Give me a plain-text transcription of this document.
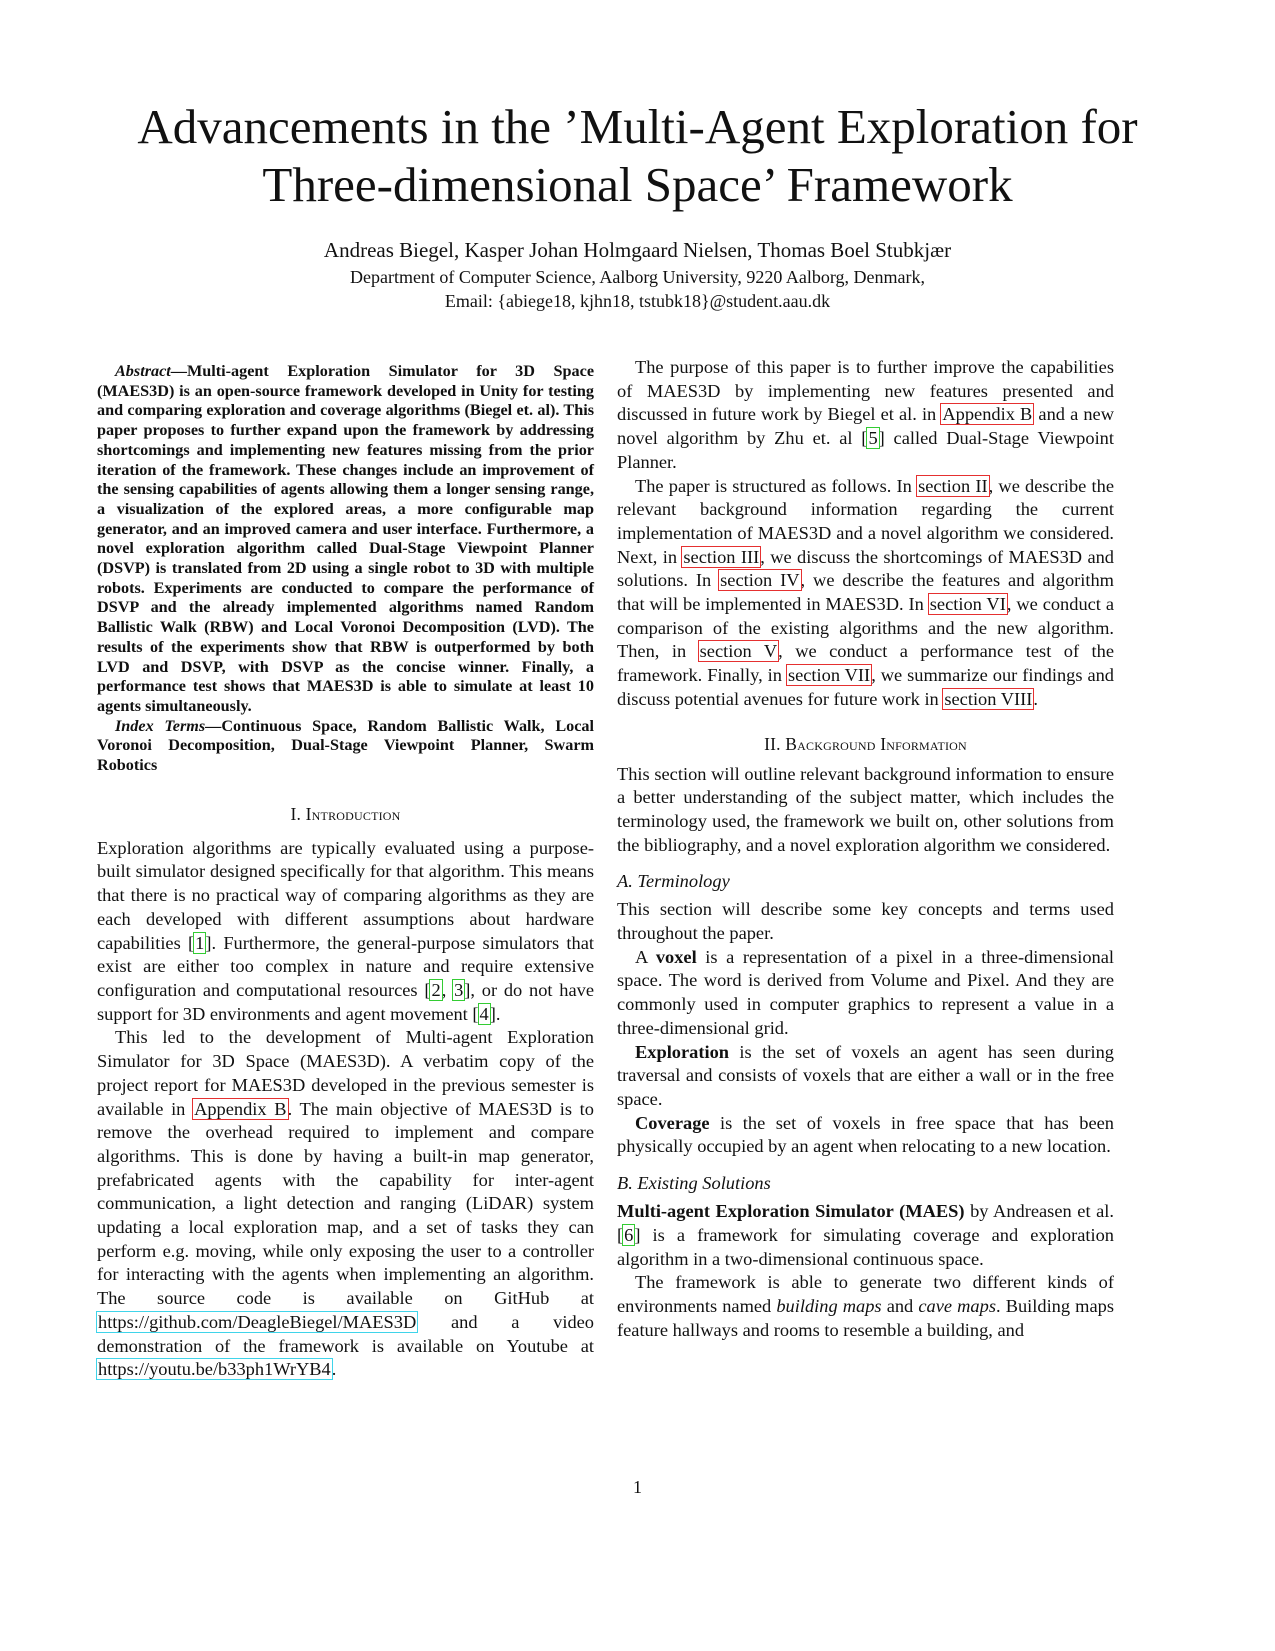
Advancements in the ’Multi-Agent Exploration for
Three-dimensional Space’ Framework
Andreas Biegel, Kasper Johan Holmgaard Nielsen, Thomas Boel Stubkjær
Department of Computer Science, Aalborg University, 9220 Aalborg, Denmark,
Email: {abiege18, kjhn18, tstubk18}@student.aau.dk

Abstract—Multi-agent Exploration Simulator for 3D Space (MAES3D) is an open-source framework developed in Unity for testing and comparing exploration and coverage algorithms (Biegel et. al). This paper proposes to further expand upon the framework by addressing shortcomings and implementing new features missing from the prior iteration of the framework. These changes include an improvement of the sensing capabilities of agents allowing them a longer sensing range, a visualization of the explored areas, a more configurable map generator, and an improved camera and user interface. Furthermore, a novel exploration algorithm called Dual-Stage Viewpoint Planner (DSVP) is translated from 2D using a single robot to 3D with multiple robots. Experiments are conducted to compare the performance of DSVP and the already implemented algorithms named Random Ballistic Walk (RBW) and Local Voronoi Decomposition (LVD). The results of the experiments show that RBW is outperformed by both LVD and DSVP, with DSVP as the concise winner. Finally, a performance test shows that MAES3D is able to simulate at least 10 agents simultaneously.

Index Terms—Continuous Space, Random Ballistic Walk, Local Voronoi Decomposition, Dual-Stage Viewpoint Planner, Swarm Robotics

I. Introduction

Exploration algorithms are typically evaluated using a purpose-built simulator designed specifically for that algorithm. This means that there is no practical way of comparing algorithms as they are each developed with different assumptions about hardware capabilities [1]. Furthermore, the general-purpose simulators that exist are either too complex in nature and require extensive configuration and computational resources [2, 3], or do not have support for 3D environments and agent movement [4].

This led to the development of Multi-agent Exploration Simulator for 3D Space (MAES3D). A verbatim copy of the project report for MAES3D developed in the previous semester is available in Appendix B. The main objective of MAES3D is to remove the overhead required to implement and compare algorithms. This is done by having a built-in map generator, prefabricated agents with the capability for inter-agent communication, a light detection and ranging (LiDAR) system updating a local exploration map, and a set of tasks they can perform e.g. moving, while only exposing the user to a controller for interacting with the agents when implementing an algorithm. The source code is available on GitHub at https://github.com/DeagleBiegel/MAES3D and a video demonstration of the framework is available on Youtube at https://youtu.be/b33ph1WrYB4.

The purpose of this paper is to further improve the capabilities of MAES3D by implementing new features presented and discussed in future work by Biegel et al. in Appendix B and a new novel algorithm by Zhu et. al [5] called Dual-Stage Viewpoint Planner.

The paper is structured as follows. In section II, we describe the relevant background information regarding the current implementation of MAES3D and a novel algorithm we considered. Next, in section III, we discuss the shortcomings of MAES3D and solutions. In section IV, we describe the features and algorithm that will be implemented in MAES3D. In section VI, we conduct a comparison of the existing algorithms and the new algorithm. Then, in section V, we conduct a performance test of the framework. Finally, in section VII, we summarize our findings and discuss potential avenues for future work in section VIII.

II. Background Information

This section will outline relevant background information to ensure a better understanding of the subject matter, which includes the terminology used, the framework we built on, other solutions from the bibliography, and a novel exploration algorithm we considered.

A. Terminology

This section will describe some key concepts and terms used throughout the paper.

A voxel is a representation of a pixel in a three-dimensional space. The word is derived from Volume and Pixel. And they are commonly used in computer graphics to represent a value in a three-dimensional grid.

Exploration is the set of voxels an agent has seen during traversal and consists of voxels that are either a wall or in the free space.

Coverage is the set of voxels in free space that has been physically occupied by an agent when relocating to a new location.

B. Existing Solutions

Multi-agent Exploration Simulator (MAES) by Andreasen et al. [6] is a framework for simulating coverage and exploration algorithm in a two-dimensional continuous space.

The framework is able to generate two different kinds of environments named building maps and cave maps. Building maps feature hallways and rooms to resemble a building, and

1
